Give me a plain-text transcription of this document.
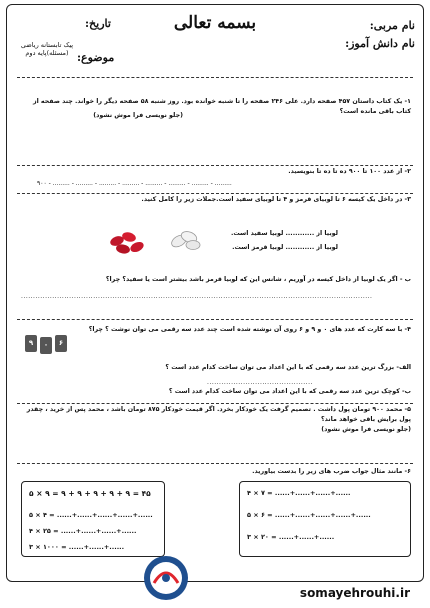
بسمه تعالی	نام مربی:
نام دانش آموز:
تاریخ:
موضوع:
پیک تابستانه ریاضی (مسئله)پایه دوم
۱- یک کتاب داستان ۴۵۷ صفحه دارد. علی ۲۴۶ صفحه را تا شنبه خوانده بود. روز شنبه ۵۸ صفحه دیگر را خواند. چند صفحه از کتاب باقی مانده است؟
(جلو نویسی فرا موش نشود)
۲- از عدد ۱۰۰ تا ۹۰۰ ده تا ده تا بنویسید.
۹۰۰ - ......... - ......... - ......... - ......... - ......... - ......... - ......... - .........
۳- در داخل یک کیسه ۶ تا لوبیای قرمز و ۴ تا لوبیای سفید است.جملات زیر را کامل کنید.
لوبیا از ............ لوبیا سفید است.
لوبیا از ............ لوبیا قرمز است.
ب - اگر یک لوبیا از داخل کیسه در آوریم ، شانس این که لوبیا قرمز باشد بیشتر است یا سفید؟ چرا؟
..................................................................................................................................................
۴- با سه کارت که عدد های ۰ و ۹ و ۶ روی آن نوشته شده است چند عدد سه رقمی می توان نوشت ؟ چرا؟
۹	۰	۶
الف- بزرگ ترین عدد سه رقمی که با این اعداد می توان ساخت کدام عدد است ؟
............................................
ب- کوچک ترین عدد سه رقمی که با این اعداد می توان ساخت کدام عدد است ؟
۵- محمد ۹۰۰ تومان پول داشت . تصمیم گرفت یک خودکار بخرد. اگر قیمت خودکار ۸۷۵ تومان باشد ، محمد پس از خرید ، چقدر پول برایش باقی خواهد ماند؟
(جلو نویسی فرا موش نشود)
۶- مانند مثال جواب ضرب های زیر را بدست بیاورید.
۵ × ۹ = ۹ + ۹ + ۹ + ۹ + ۹ = ۴۵
۵ × ۴ = ......+......+......+......+......
۴ × ۲۵ = ......+......+......+......
۳ × ۱۰۰۰ = ......+......+......
۴ × ۷ = ......+......+......+......
۵ × ۶ = ......+......+......+......+......
۳ × ۲۰ = ......+......+......
somayehrouhi.ir
